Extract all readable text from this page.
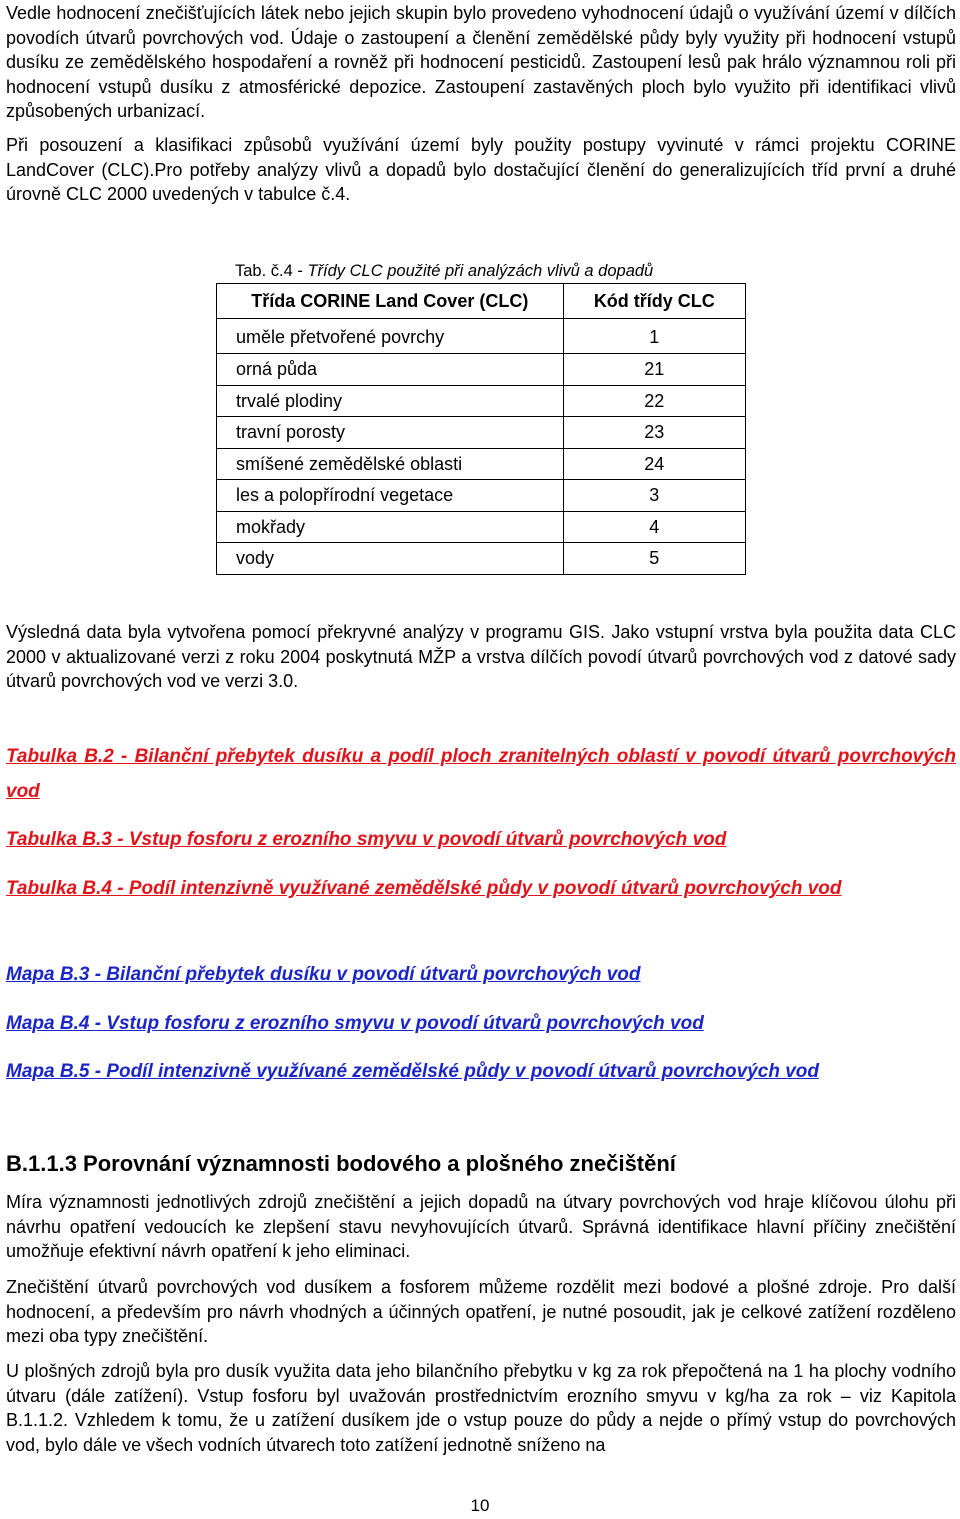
Vedle hodnocení znečišťujících látek nebo jejich skupin bylo provedeno vyhodnocení údajů o využívání území v dílčích povodích útvarů povrchových vod. Údaje o zastoupení a členění zemědělské půdy byly využity při hodnocení vstupů dusíku ze zemědělského hospodaření a rovněž při hodnocení pesticidů. Zastoupení lesů pak hrálo významnou roli při hodnocení vstupů dusíku z atmosférické depozice. Zastoupení zastavěných ploch bylo využito při identifikaci vlivů způsobených urbanizací.

Při posouzení a klasifikaci způsobů využívání území byly použity postupy vyvinuté v rámci projektu CORINE LandCover (CLC).Pro potřeby analýzy vlivů a dopadů bylo dostačující členění do generalizujících tříd první a druhé úrovně CLC 2000 uvedených v tabulce č.4.

Tab. č.4 - Třídy CLC použité při analýzách vlivů a dopadů
Třída CORINE Land Cover (CLC)	Kód třídy CLC
uměle přetvořené povrchy	1
orná půda	21
trvalé plodiny	22
travní porosty	23
smíšené zemědělské oblasti	24
les a polopřírodní vegetace	3
mokřady	4
vody	5

Výsledná data byla vytvořena pomocí překryvné analýzy v programu GIS. Jako vstupní vrstva byla použita data CLC 2000 v aktualizované verzi z roku 2004 poskytnutá MŽP a vrstva dílčích povodí útvarů povrchových vod z datové sady útvarů povrchových vod ve verzi 3.0.

Tabulka B.2 - Bilanční přebytek dusíku a podíl ploch zranitelných oblastí v povodí útvarů povrchových vod
Tabulka B.3 - Vstup fosforu z erozního smyvu v povodí útvarů povrchových vod
Tabulka B.4 - Podíl intenzivně využívané zemědělské půdy v povodí útvarů povrchových vod
Mapa B.3 - Bilanční přebytek dusíku v povodí útvarů povrchových vod
Mapa B.4 - Vstup fosforu z erozního smyvu v povodí útvarů povrchových vod
Mapa B.5 - Podíl intenzivně využívané zemědělské půdy v povodí útvarů povrchových vod
B.1.1.3 Porovnání významnosti bodového a plošného znečištění

Míra významnosti jednotlivých zdrojů znečištění a jejich dopadů na útvary povrchových vod hraje klíčovou úlohu při návrhu opatření vedoucích ke zlepšení stavu nevyhovujících útvarů. Správná identifikace hlavní příčiny znečištění umožňuje efektivní návrh opatření k jeho eliminaci.

Znečištění útvarů povrchových vod dusíkem a fosforem můžeme rozdělit mezi bodové a plošné zdroje. Pro další hodnocení, a především pro návrh vhodných a účinných opatření, je nutné posoudit, jak je celkové zatížení rozděleno mezi oba typy znečištění.

U plošných zdrojů byla pro dusík využita data jeho bilančního přebytku v kg za rok přepočtená na 1 ha plochy vodního útvaru (dále zatížení). Vstup fosforu byl uvažován prostřednictvím erozního smyvu v kg/ha za rok – viz Kapitola B.1.1.2. Vzhledem k tomu, že u zatížení dusíkem jde o vstup pouze do půdy a nejde o přímý vstup do povrchových vod, bylo dále ve všech vodních útvarech toto zatížení jednotně sníženo na

10
